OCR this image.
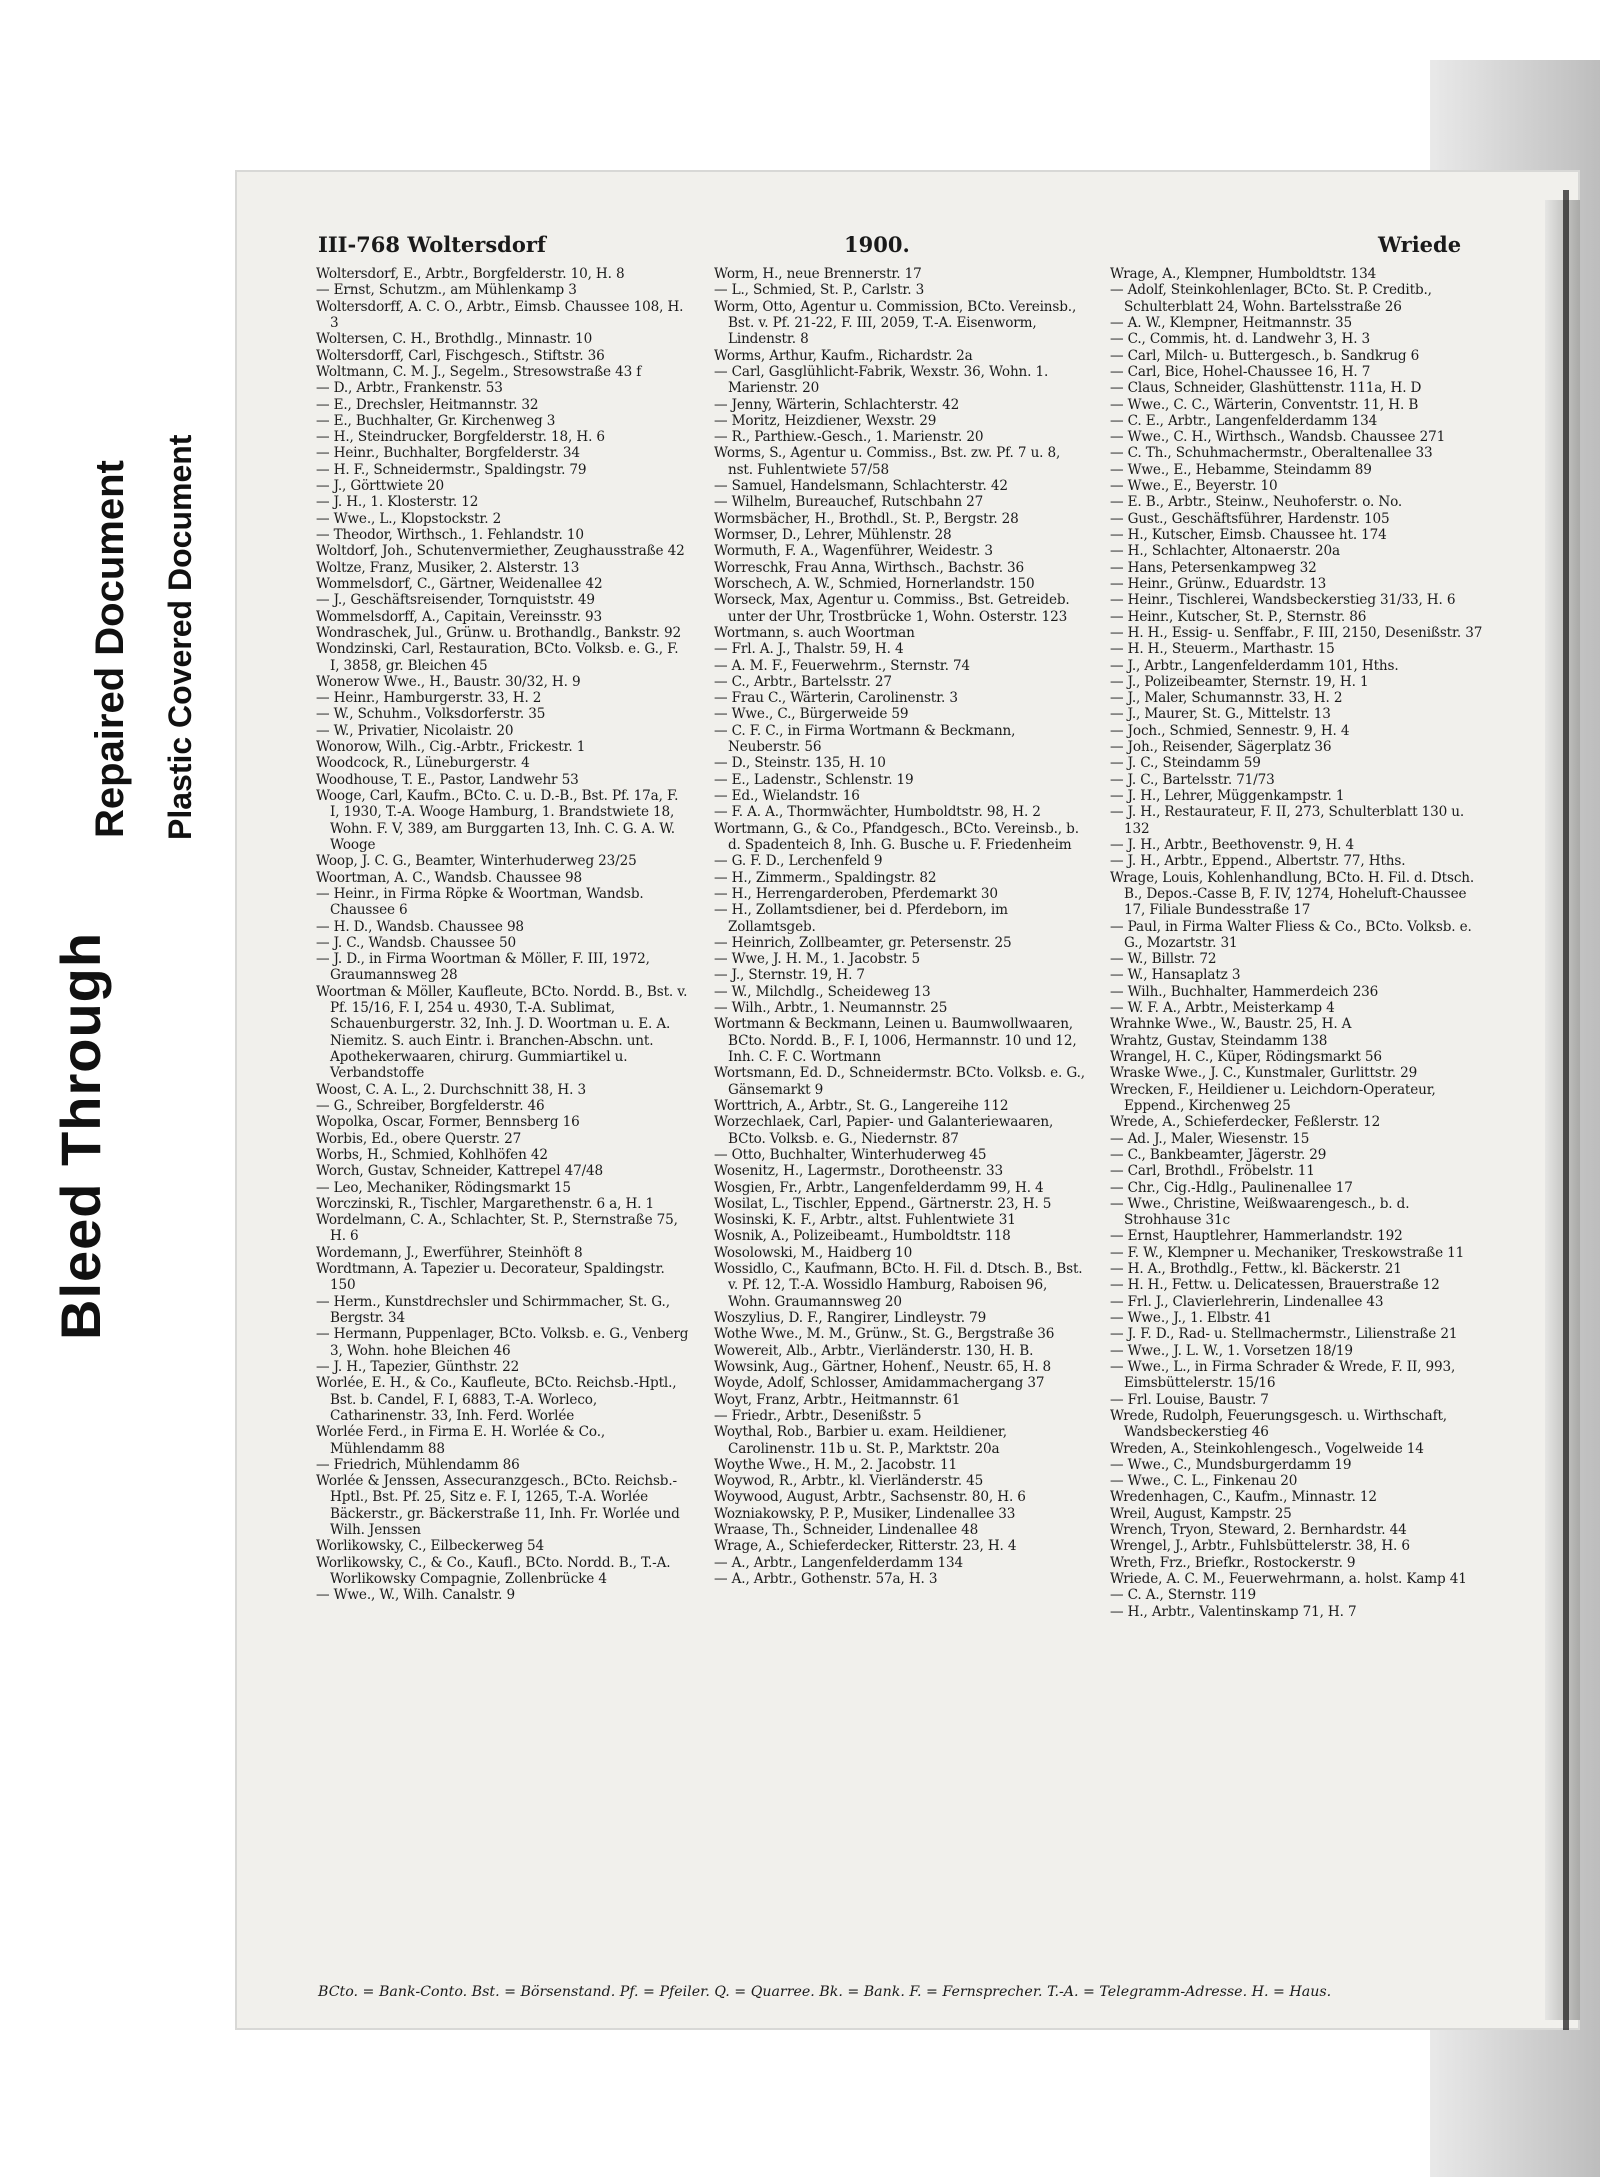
Bleed Through
Repaired Document Plastic Covered Document
III-768 Woltersdorf	1900.	Wriede

Woltersdorf, E., Arbtr., Borgfelderstr. 10, H. 8

— Ernst, Schutzm., am Mühlenkamp 3

Woltersdorff, A. C. O., Arbtr., Eimsb. Chaussee 108, H. 3

Woltersen, C. H., Brothdlg., Minnastr. 10

Woltersdorff, Carl, Fischgesch., Stiftstr. 36

Woltmann, C. M. J., Segelm., Stresowstraße 43 f

— D., Arbtr., Frankenstr. 53

— E., Drechsler, Heitmannstr. 32

— E., Buchhalter, Gr. Kirchenweg 3

— H., Steindrucker, Borgfelderstr. 18, H. 6

— Heinr., Buchhalter, Borgfelderstr. 34

— H. F., Schneidermstr., Spaldingstr. 79

— J., Görttwiete 20

— J. H., 1. Klosterstr. 12

— Wwe., L., Klopstockstr. 2

— Theodor, Wirthsch., 1. Fehlandstr. 10

Woltdorf, Joh., Schutenvermiether, Zeughausstraße 42

Woltze, Franz, Musiker, 2. Alsterstr. 13

Wommelsdorf, C., Gärtner, Weidenallee 42

— J., Geschäftsreisender, Tornquiststr. 49

Wommelsdorff, A., Capitain, Vereinsstr. 93

Wondraschek, Jul., Grünw. u. Brothandlg., Bankstr. 92

Wondzinski, Carl, Restauration, BCto. Volksb. e. G., F. I, 3858, gr. Bleichen 45

Wonerow Wwe., H., Baustr. 30/32, H. 9

— Heinr., Hamburgerstr. 33, H. 2

— W., Schuhm., Volksdorferstr. 35

— W., Privatier, Nicolaistr. 20

Wonorow, Wilh., Cig.-Arbtr., Frickestr. 1

Woodcock, R., Lüneburgerstr. 4

Woodhouse, T. E., Pastor, Landwehr 53

Wooge, Carl, Kaufm., BCto. C. u. D.-B., Bst. Pf. 17a, F. I, 1930, T.-A. Wooge Hamburg, 1. Brandstwiete 18, Wohn. F. V, 389, am Burggarten 13, Inh. C. G. A. W. Wooge

Woop, J. C. G., Beamter, Winterhuderweg 23/25

Woortman, A. C., Wandsb. Chaussee 98

— Heinr., in Firma Röpke & Woortman, Wandsb. Chaussee 6

— H. D., Wandsb. Chaussee 98

— J. C., Wandsb. Chaussee 50

— J. D., in Firma Woortman & Möller, F. III, 1972, Graumannsweg 28

Woortman & Möller, Kaufleute, BCto. Nordd. B., Bst. v. Pf. 15/16, F. I, 254 u. 4930, T.-A. Sublimat, Schauenburgerstr. 32, Inh. J. D. Woortman u. E. A. Niemitz. S. auch Eintr. i. Branchen-Abschn. unt. Apothekerwaaren, chirurg. Gummiartikel u. Verbandstoffe

Woost, C. A. L., 2. Durchschnitt 38, H. 3

— G., Schreiber, Borgfelderstr. 46

Wopolka, Oscar, Former, Bennsberg 16

Worbis, Ed., obere Querstr. 27

Worbs, H., Schmied, Kohlhöfen 42

Worch, Gustav, Schneider, Kattrepel 47/48

— Leo, Mechaniker, Rödingsmarkt 15

Worczinski, R., Tischler, Margarethenstr. 6 a, H. 1

Wordelmann, C. A., Schlachter, St. P., Sternstraße 75, H. 6

Wordemann, J., Ewerführer, Steinhöft 8

Wordtmann, A. Tapezier u. Decorateur, Spaldingstr. 150

— Herm., Kunstdrechsler und Schirmmacher, St. G., Bergstr. 34

— Hermann, Puppenlager, BCto. Volksb. e. G., Venberg 3, Wohn. hohe Bleichen 46

— J. H., Tapezier, Günthstr. 22

Worlée, E. H., & Co., Kaufleute, BCto. Reichsb.-Hptl., Bst. b. Candel, F. I, 6883, T.-A. Worleco, Catharinenstr. 33, Inh. Ferd. Worlée

Worlée Ferd., in Firma E. H. Worlée & Co., Mühlendamm 88

— Friedrich, Mühlendamm 86

Worlée & Jenssen, Assecuranzgesch., BCto. Reichsb.-Hptl., Bst. Pf. 25, Sitz e. F. I, 1265, T.-A. Worlée Bäckerstr., gr. Bäckerstraße 11, Inh. Fr. Worlée und Wilh. Jenssen

Worlikowsky, C., Eilbeckerweg 54

Worlikowsky, C., & Co., Kaufl., BCto. Nordd. B., T.-A. Worlikowsky Compagnie, Zollenbrücke 4

— Wwe., W., Wilh. Canalstr. 9

Worm, H., neue Brennerstr. 17

— L., Schmied, St. P., Carlstr. 3

Worm, Otto, Agentur u. Commission, BCto. Vereinsb., Bst. v. Pf. 21-22, F. III, 2059, T.-A. Eisenworm, Lindenstr. 8

Worms, Arthur, Kaufm., Richardstr. 2a

— Carl, Gasglühlicht-Fabrik, Wexstr. 36, Wohn. 1. Marienstr. 20

— Jenny, Wärterin, Schlachterstr. 42

— Moritz, Heizdiener, Wexstr. 29

— R., Parthiew.-Gesch., 1. Marienstr. 20

Worms, S., Agentur u. Commiss., Bst. zw. Pf. 7 u. 8, nst. Fuhlentwiete 57/58

— Samuel, Handelsmann, Schlachterstr. 42

— Wilhelm, Bureauchef, Rutschbahn 27

Wormsbächer, H., Brothdl., St. P., Bergstr. 28

Wormser, D., Lehrer, Mühlenstr. 28

Wormuth, F. A., Wagenführer, Weidestr. 3

Worreschk, Frau Anna, Wirthsch., Bachstr. 36

Worschech, A. W., Schmied, Hornerlandstr. 150

Worseck, Max, Agentur u. Commiss., Bst. Getreideb. unter der Uhr, Trostbrücke 1, Wohn. Osterstr. 123

Wortmann, s. auch Woortman

— Frl. A. J., Thalstr. 59, H. 4

— A. M. F., Feuerwehrm., Sternstr. 74

— C., Arbtr., Bartelsstr. 27

— Frau C., Wärterin, Carolinenstr. 3

— Wwe., C., Bürgerweide 59

— C. F. C., in Firma Wortmann & Beckmann, Neuberstr. 56

— D., Steinstr. 135, H. 10

— E., Ladenstr., Schlenstr. 19

— Ed., Wielandstr. 16

— F. A. A., Thormwächter, Humboldtstr. 98, H. 2

Wortmann, G., & Co., Pfandgesch., BCto. Vereinsb., b. d. Spadenteich 8, Inh. G. Busche u. F. Friedenheim

— G. F. D., Lerchenfeld 9

— H., Zimmerm., Spaldingstr. 82

— H., Herrengarderoben, Pferdemarkt 30

— H., Zollamtsdiener, bei d. Pferdeborn, im Zollamtsgeb.

— Heinrich, Zollbeamter, gr. Petersenstr. 25

— Wwe, J. H. M., 1. Jacobstr. 5

— J., Sternstr. 19, H. 7

— W., Milchdlg., Scheideweg 13

— Wilh., Arbtr., 1. Neumannstr. 25

Wortmann & Beckmann, Leinen u. Baumwollwaaren, BCto. Nordd. B., F. I, 1006, Hermannstr. 10 und 12, Inh. C. F. C. Wortmann

Wortsmann, Ed. D., Schneidermstr. BCto. Volksb. e. G., Gänsemarkt 9

Worttrich, A., Arbtr., St. G., Langereihe 112

Worzechlaek, Carl, Papier- und Galanteriewaaren, BCto. Volksb. e. G., Niedernstr. 87

— Otto, Buchhalter, Winterhuderweg 45

Wosenitz, H., Lagermstr., Dorotheenstr. 33

Wosgien, Fr., Arbtr., Langenfelderdamm 99, H. 4

Wosilat, L., Tischler, Eppend., Gärtnerstr. 23, H. 5

Wosinski, K. F., Arbtr., altst. Fuhlentwiete 31

Wosnik, A., Polizeibeamt., Humboldtstr. 118

Wosolowski, M., Haidberg 10

Wossidlo, C., Kaufmann, BCto. H. Fil. d. Dtsch. B., Bst. v. Pf. 12, T.-A. Wossidlo Hamburg, Raboisen 96, Wohn. Graumannsweg 20

Woszylius, D. F., Rangirer, Lindleystr. 79

Wothe Wwe., M. M., Grünw., St. G., Bergstraße 36

Wowereit, Alb., Arbtr., Vierländerstr. 130, H. B.

Wowsink, Aug., Gärtner, Hohenf., Neustr. 65, H. 8

Woyde, Adolf, Schlosser, Amidammachergang 37

Woyt, Franz, Arbtr., Heitmannstr. 61

— Friedr., Arbtr., Desenißstr. 5

Woythal, Rob., Barbier u. exam. Heildiener, Carolinenstr. 11b u. St. P., Marktstr. 20a

Woythe Wwe., H. M., 2. Jacobstr. 11

Woywod, R., Arbtr., kl. Vierländerstr. 45

Woywood, August, Arbtr., Sachsenstr. 80, H. 6

Wozniakowsky, P. P., Musiker, Lindenallee 33

Wraase, Th., Schneider, Lindenallee 48

Wrage, A., Schieferdecker, Ritterstr. 23, H. 4

— A., Arbtr., Langenfelderdamm 134

— A., Arbtr., Gothenstr. 57a, H. 3

Wrage, A., Klempner, Humboldtstr. 134

— Adolf, Steinkohlenlager, BCto. St. P. Creditb., Schulterblatt 24, Wohn. Bartelsstraße 26

— A. W., Klempner, Heitmannstr. 35

— C., Commis, ht. d. Landwehr 3, H. 3

— Carl, Milch- u. Buttergesch., b. Sandkrug 6

— Carl, Bice, Hohel-Chaussee 16, H. 7

— Claus, Schneider, Glashüttenstr. 111a, H. D

— Wwe., C. C., Wärterin, Conventstr. 11, H. B

— C. E., Arbtr., Langenfelderdamm 134

— Wwe., C. H., Wirthsch., Wandsb. Chaussee 271

— C. Th., Schuhmachermstr., Oberaltenallee 33

— Wwe., E., Hebamme, Steindamm 89

— Wwe., E., Beyerstr. 10

— E. B., Arbtr., Steinw., Neuhoferstr. o. No.

— Gust., Geschäftsführer, Hardenstr. 105

— H., Kutscher, Eimsb. Chaussee ht. 174

— H., Schlachter, Altonaerstr. 20a

— Hans, Petersenkampweg 32

— Heinr., Grünw., Eduardstr. 13

— Heinr., Tischlerei, Wandsbeckerstieg 31/33, H. 6

— Heinr., Kutscher, St. P., Sternstr. 86

— H. H., Essig- u. Senffabr., F. III, 2150, Desenißstr. 37

— H. H., Steuerm., Marthastr. 15

— J., Arbtr., Langenfelderdamm 101, Hths.

— J., Polizeibeamter, Sternstr. 19, H. 1

— J., Maler, Schumannstr. 33, H. 2

— J., Maurer, St. G., Mittelstr. 13

— Joch., Schmied, Sennestr. 9, H. 4

— Joh., Reisender, Sägerplatz 36

— J. C., Steindamm 59

— J. C., Bartelsstr. 71/73

— J. H., Lehrer, Müggenkampstr. 1

— J. H., Restaurateur, F. II, 273, Schulterblatt 130 u. 132

— J. H., Arbtr., Beethovenstr. 9, H. 4

— J. H., Arbtr., Eppend., Albertstr. 77, Hths.

Wrage, Louis, Kohlenhandlung, BCto. H. Fil. d. Dtsch. B., Depos.-Casse B, F. IV, 1274, Hoheluft-Chaussee 17, Filiale Bundesstraße 17

— Paul, in Firma Walter Fliess & Co., BCto. Volksb. e. G., Mozartstr. 31

— W., Billstr. 72

— W., Hansaplatz 3

— Wilh., Buchhalter, Hammerdeich 236

— W. F. A., Arbtr., Meisterkamp 4

Wrahnke Wwe., W., Baustr. 25, H. A

Wrahtz, Gustav, Steindamm 138

Wrangel, H. C., Küper, Rödingsmarkt 56

Wraske Wwe., J. C., Kunstmaler, Gurlittstr. 29

Wrecken, F., Heildiener u. Leichdorn-Operateur, Eppend., Kirchenweg 25

Wrede, A., Schieferdecker, Feßlerstr. 12

— Ad. J., Maler, Wiesenstr. 15

— C., Bankbeamter, Jägerstr. 29

— Carl, Brothdl., Fröbelstr. 11

— Chr., Cig.-Hdlg., Paulinenallee 17

— Wwe., Christine, Weißwaarengesch., b. d. Strohhause 31c

— Ernst, Hauptlehrer, Hammerlandstr. 192

— F. W., Klempner u. Mechaniker, Treskowstraße 11

— H. A., Brothdlg., Fettw., kl. Bäckerstr. 21

— H. H., Fettw. u. Delicatessen, Brauerstraße 12

— Frl. J., Clavierlehrerin, Lindenallee 43

— Wwe., J., 1. Elbstr. 41

— J. F. D., Rad- u. Stellmachermstr., Lilienstraße 21

— Wwe., J. L. W., 1. Vorsetzen 18/19

— Wwe., L., in Firma Schrader & Wrede, F. II, 993, Eimsbüttelerstr. 15/16

— Frl. Louise, Baustr. 7

Wrede, Rudolph, Feuerungsgesch. u. Wirthschaft, Wandsbeckerstieg 46

Wreden, A., Steinkohlengesch., Vogelweide 14

— Wwe., C., Mundsburgerdamm 19

— Wwe., C. L., Finkenau 20

Wredenhagen, C., Kaufm., Minnastr. 12

Wreil, August, Kampstr. 25

Wrench, Tryon, Steward, 2. Bernhardstr. 44

Wrengel, J., Arbtr., Fuhlsbüttelerstr. 38, H. 6

Wreth, Frz., Briefkr., Rostockerstr. 9

Wriede, A. C. M., Feuerwehrmann, a. holst. Kamp 41

— C. A., Sternstr. 119

— H., Arbtr., Valentinskamp 71, H. 7

BCto. = Bank-Conto. Bst. = Börsenstand. Pf. = Pfeiler. Q. = Quarree. Bk. = Bank. F. = Fernsprecher. T.-A. = Telegramm-Adresse. H. = Haus.
